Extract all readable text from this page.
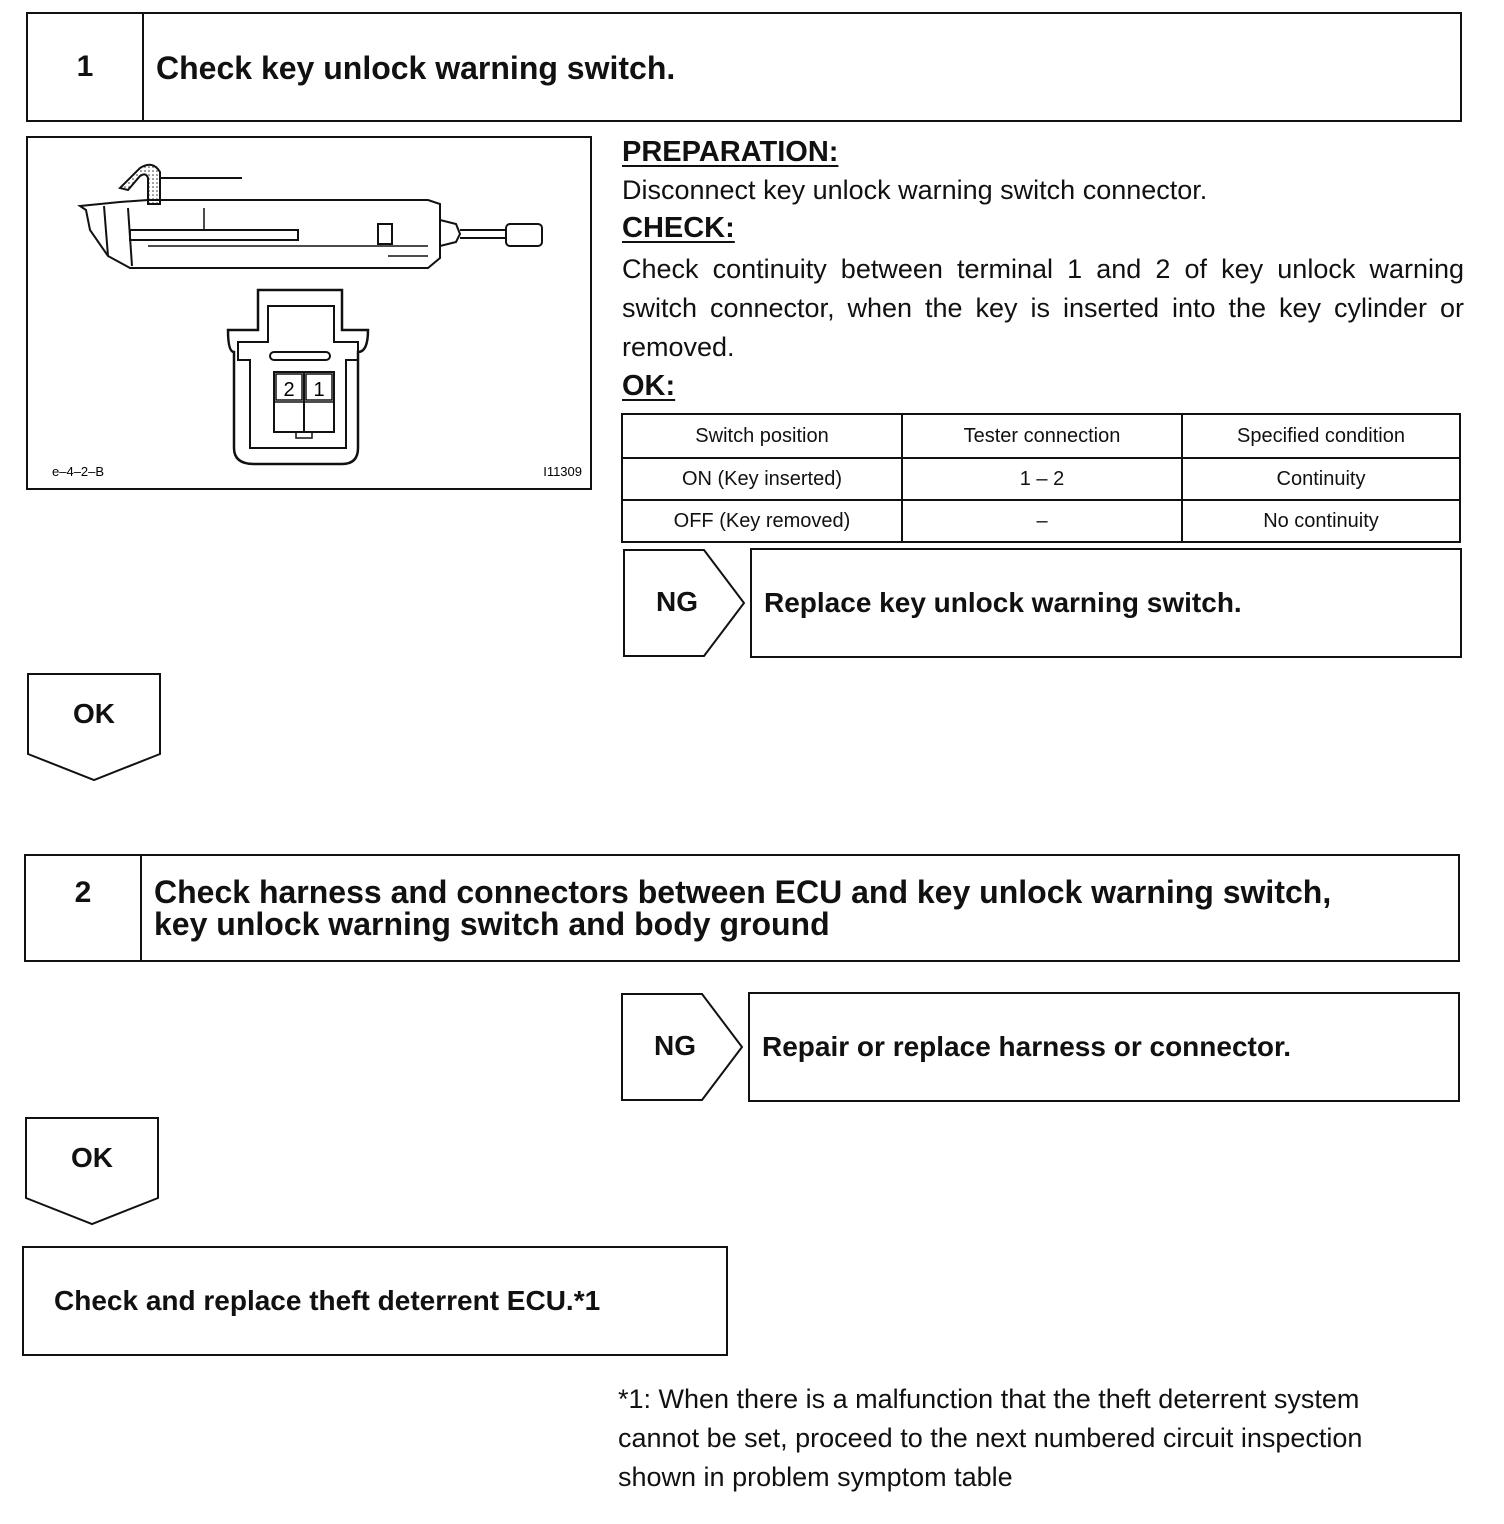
1	Check key unlock warning switch.
2 1
e–4–2–B	I11309
PREPARATION:
Disconnect key unlock warning switch connector.
CHECK:
Check continuity between terminal 1 and 2 of key unlock warning switch connector, when the key is inserted into the key cylinder or removed.
OK:
Switch position	Tester connection	Specified condition
ON (Key inserted)	1 – 2	Continuity
OFF (Key removed)	–	No continuity
NG	Replace key unlock warning switch.
OK
2 Check harness and connectors between ECU and key unlock warning switch,
key unlock warning switch and body ground
NG	Repair or replace harness or connector.
OK
Check and replace theft deterrent ECU.*1
*1: When there is a malfunction that the theft deterrent system
cannot be set, proceed to the next numbered circuit inspection
shown in problem symptom table
